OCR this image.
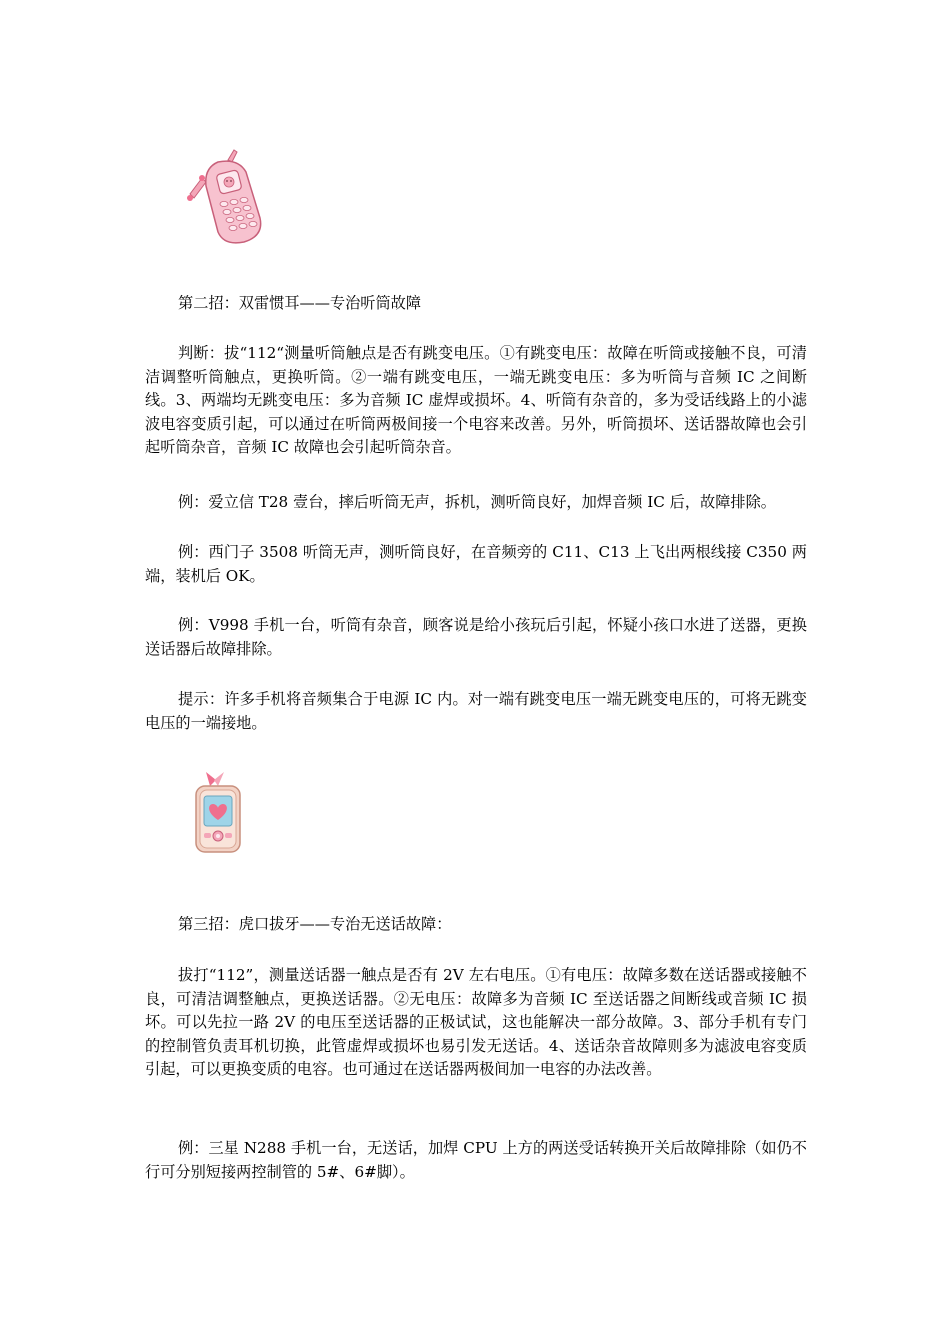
第二招：双雷惯耳——专治听筒故障

判断：拔“112“测量听筒触点是否有跳变电压。①有跳变电压：故障在听筒或接触不良，可清洁调整听筒触点，更换听筒。②一端有跳变电压，一端无跳变电压：多为听筒与音频 IC 之间断线。3、两端均无跳变电压：多为音频 IC 虚焊或损坏。4、听筒有杂音的，多为受话线路上的小滤波电容变质引起，可以通过在听筒两极间接一个电容来改善。另外，听筒损坏、送话器故障也会引起听筒杂音，音频 IC 故障也会引起听筒杂音。

例：爱立信 T28 壹台，摔后听筒无声，拆机，测听筒良好，加焊音频 IC 后，故障排除。

例：西门子 3508 听筒无声，测听筒良好，在音频旁的 C11、C13 上飞出两根线接 C350 两端，装机后 OK。

例：V998 手机一台，听筒有杂音，顾客说是给小孩玩后引起，怀疑小孩口水进了送器，更换送话器后故障排除。

提示：许多手机将音频集合于电源 IC 内。对一端有跳变电压一端无跳变电压的，可将无跳变电压的一端接地。

第三招：虎口拔牙——专治无送话故障：

拔打“112”，测量送话器一触点是否有 2V 左右电压。①有电压：故障多数在送话器或接触不良，可清洁调整触点，更换送话器。②无电压：故障多为音频 IC 至送话器之间断线或音频 IC 损坏。可以先拉一路 2V 的电压至送话器的正极试试，这也能解决一部分故障。3、部分手机有专门的控制管负责耳机切换，此管虚焊或损坏也易引发无送话。4、送话杂音故障则多为滤波电容变质引起，可以更换变质的电容。也可通过在送话器两极间加一电容的办法改善。

例：三星 N288 手机一台，无送话，加焊 CPU 上方的两送受话转换开关后故障排除（如仍不行可分别短接两控制管的 5#、6#脚）。
